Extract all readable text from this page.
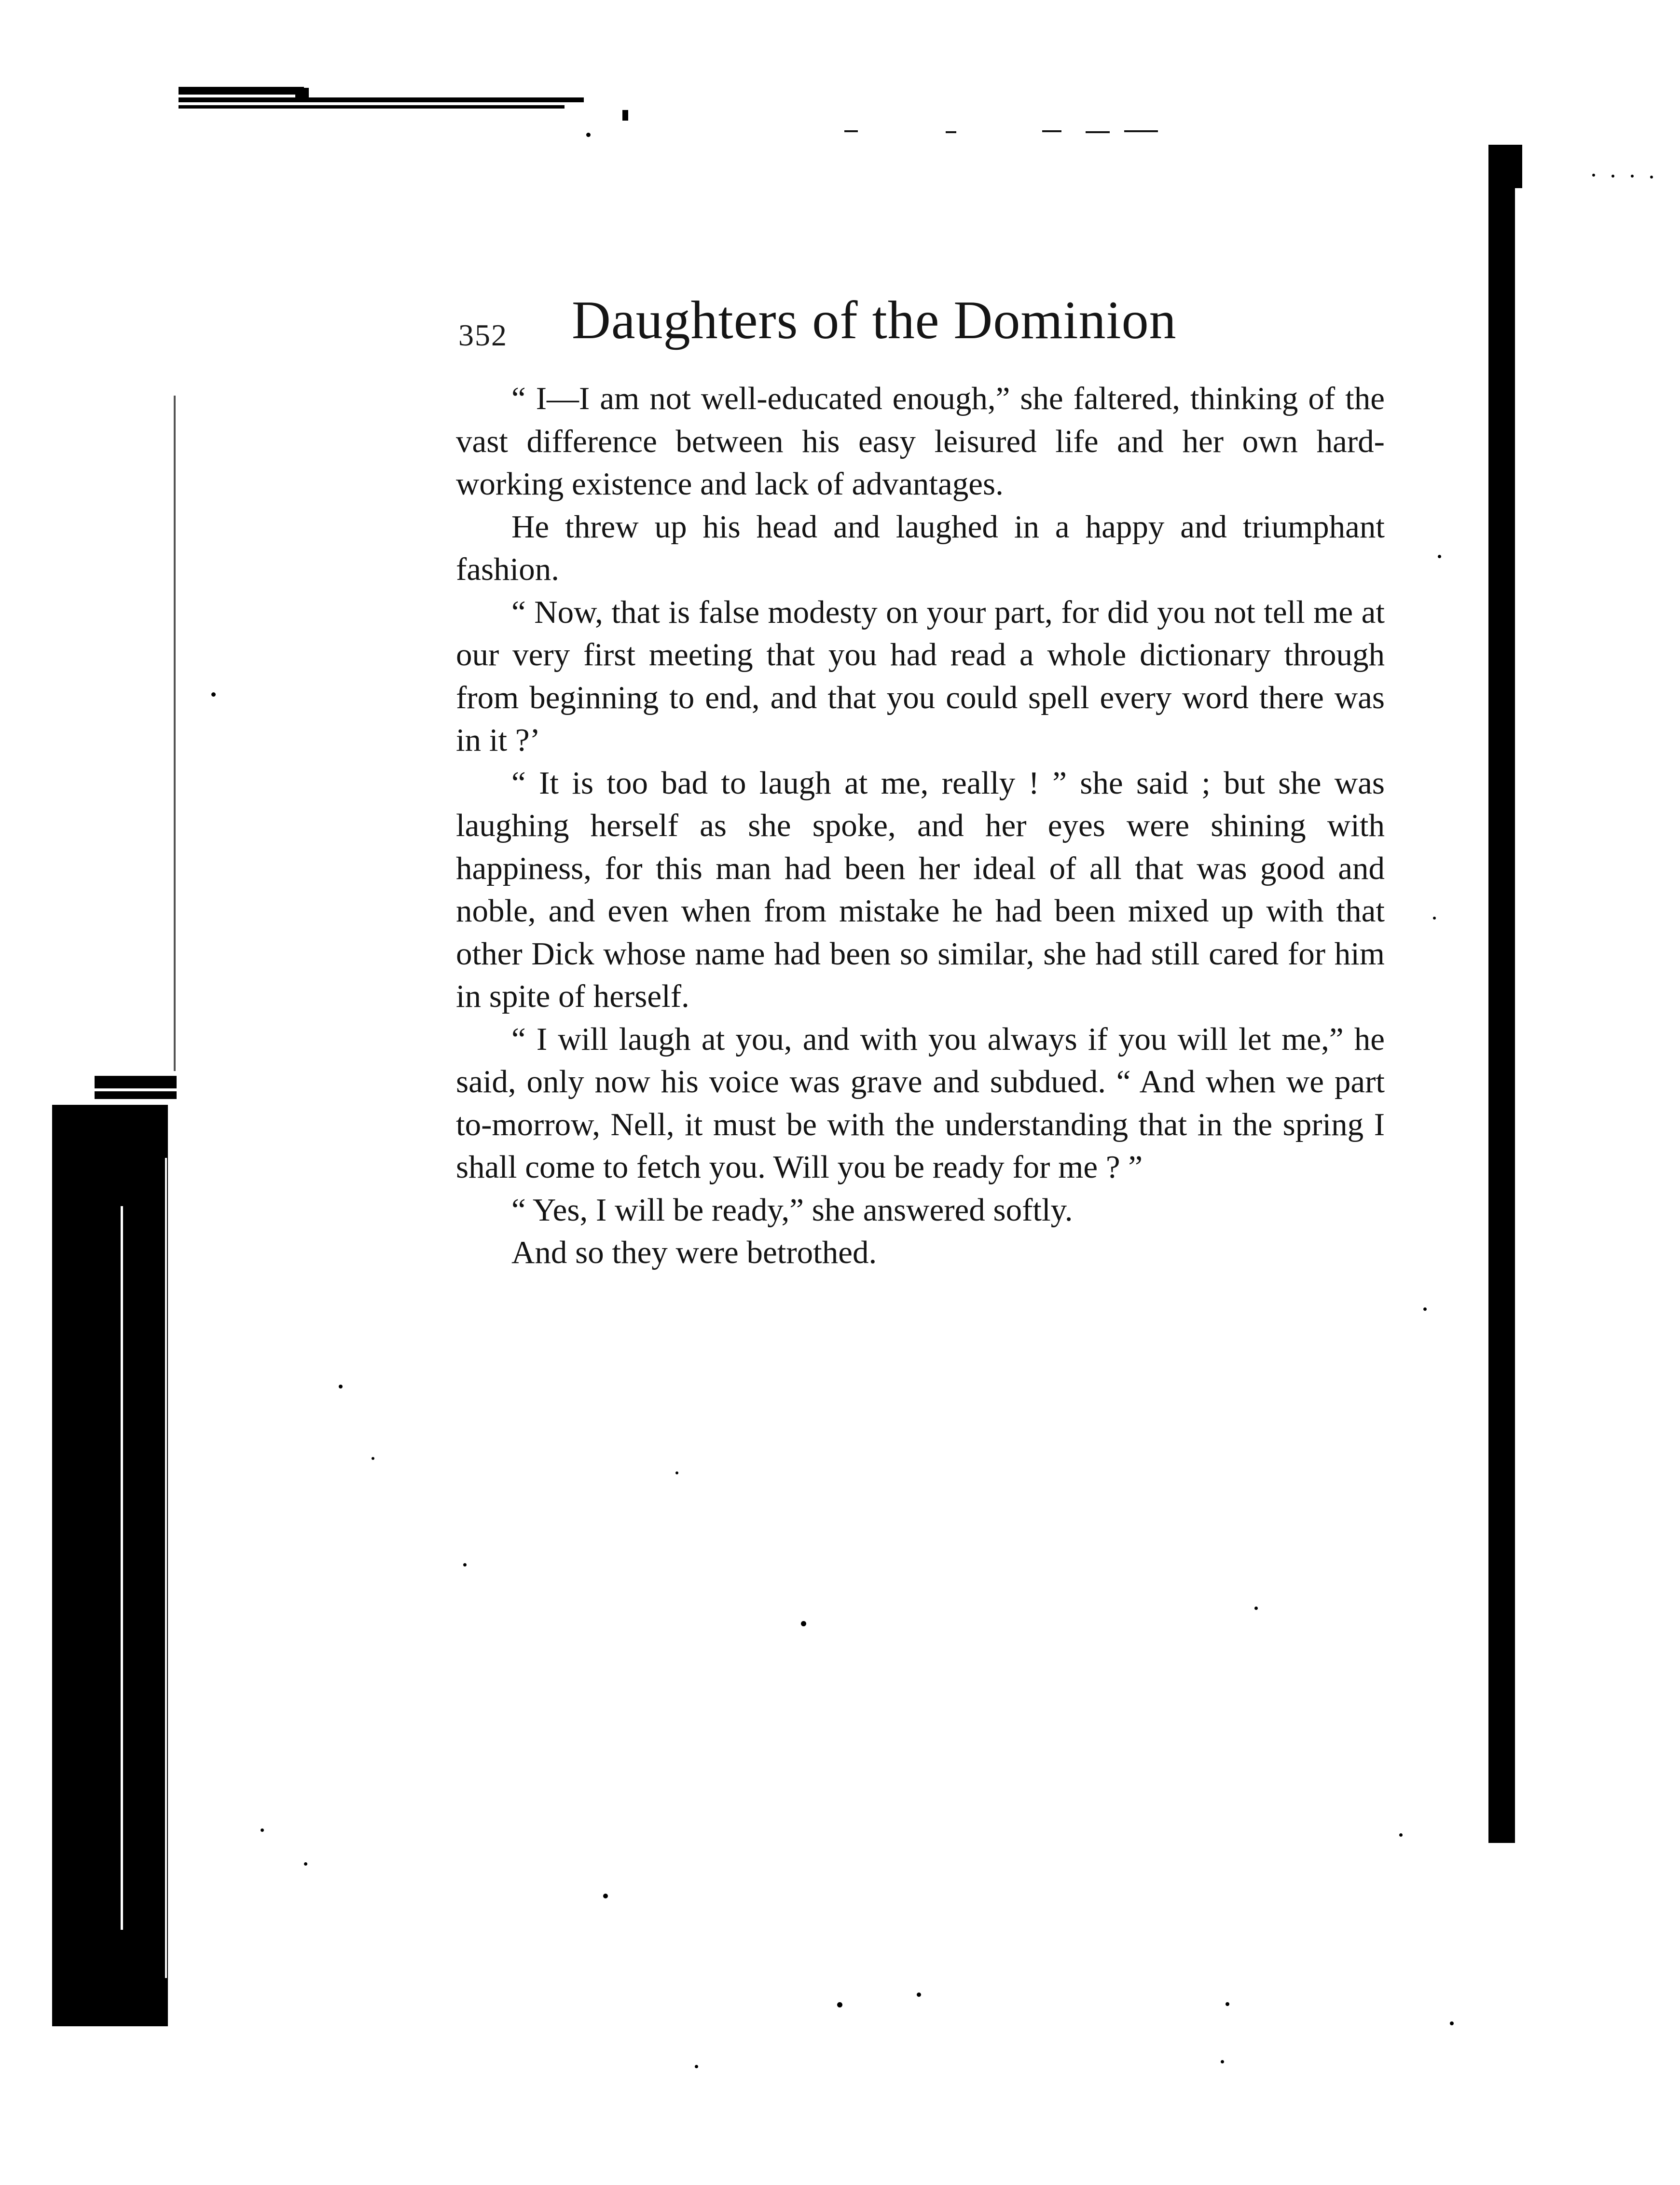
352 Daughters of the Dominion

“ I—I am not well-educated enough,” she faltered, thinking of the vast difference between his easy leisured life and her own hard-working existence and lack of advantages.

He threw up his head and laughed in a happy and triumphant fashion.

“ Now, that is false modesty on your part, for did you not tell me at our very first meeting that you had read a whole dictionary through from beginning to end, and that you could spell every word there was in it ?’

“ It is too bad to laugh at me, really ! ” she said ; but she was laughing herself as she spoke, and her eyes were shining with happiness, for this man had been her ideal of all that was good and noble, and even when from mistake he had been mixed up with that other Dick whose name had been so similar, she had still cared for him in spite of herself.

“ I will laugh at you, and with you always if you will let me,” he said, only now his voice was grave and subdued. “ And when we part to-morrow, Nell, it must be with the understanding that in the spring I shall come to fetch you. Will you be ready for me ? ”

“ Yes, I will be ready,” she answered softly.

And so they were betrothed.
